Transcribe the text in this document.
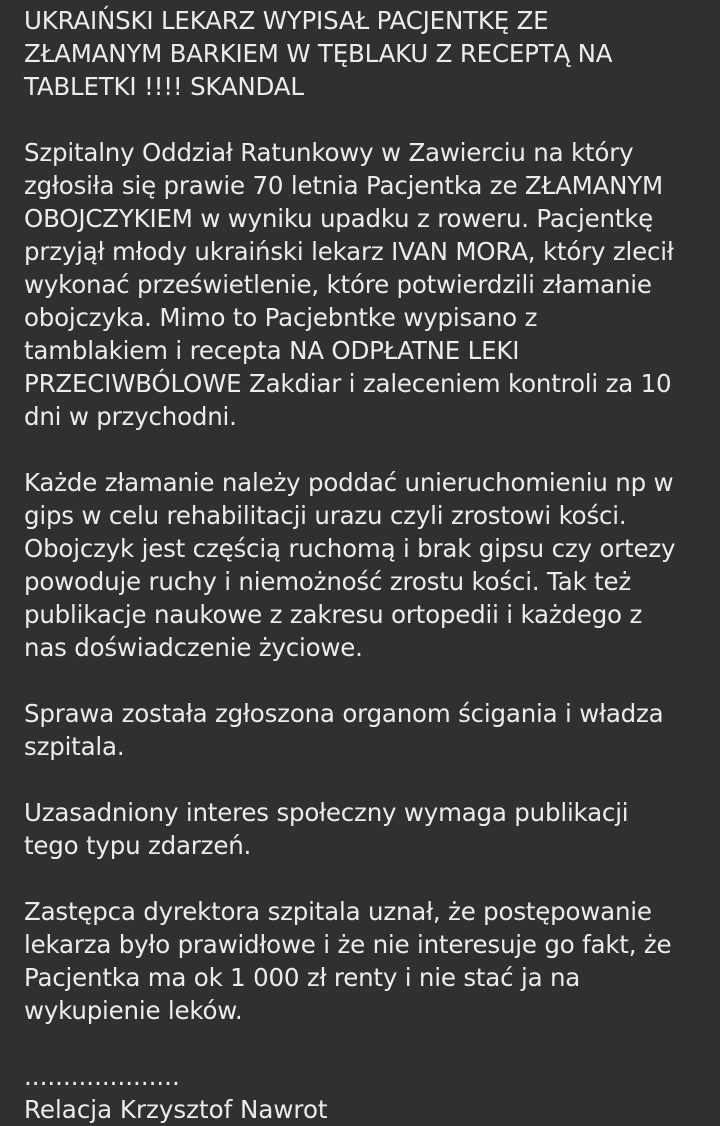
UKRAIŃSKI LEKARZ WYPISAŁ PACJENTKĘ ZE
ZŁAMANYM BARKIEM W TĘBLAKU Z RECEPTĄ NA
TABLETKI !!!! SKANDAL

Szpitalny Oddział Ratunkowy w Zawierciu na który
zgłosiła się prawie 70 letnia Pacjentka ze ZŁAMANYM
OBOJCZYKIEM w wyniku upadku z roweru. Pacjentkę
przyjął młody ukraiński lekarz IVAN MORA, który zlecił
wykonać prześwietlenie, które potwierdzili złamanie
obojczyka. Mimo to Pacjebntke wypisano z
tamblakiem i recepta NA ODPŁATNE LEKI
PRZECIWBÓLOWE Zakdiar i zaleceniem kontroli za 10
dni w przychodni.

Każde złamanie należy poddać unieruchomieniu np w
gips w celu rehabilitacji urazu czyli zrostowi kości.
Obojczyk jest częścią ruchomą i brak gipsu czy ortezy
powoduje ruchy i niemożność zrostu kości. Tak też
publikacje naukowe z zakresu ortopedii i każdego z
nas doświadczenie życiowe.

Sprawa została zgłoszona organom ścigania i władza
szpitala.

Uzasadniony interes społeczny wymaga publikacji
tego typu zdarzeń.

Zastępca dyrektora szpitala uznał, że postępowanie
lekarza było prawidłowe i że nie interesuje go fakt, że
Pacjentka ma ok 1 000 zł renty i nie stać ja na
wykupienie leków.

....................

Relacja Krzysztof Nawrot
